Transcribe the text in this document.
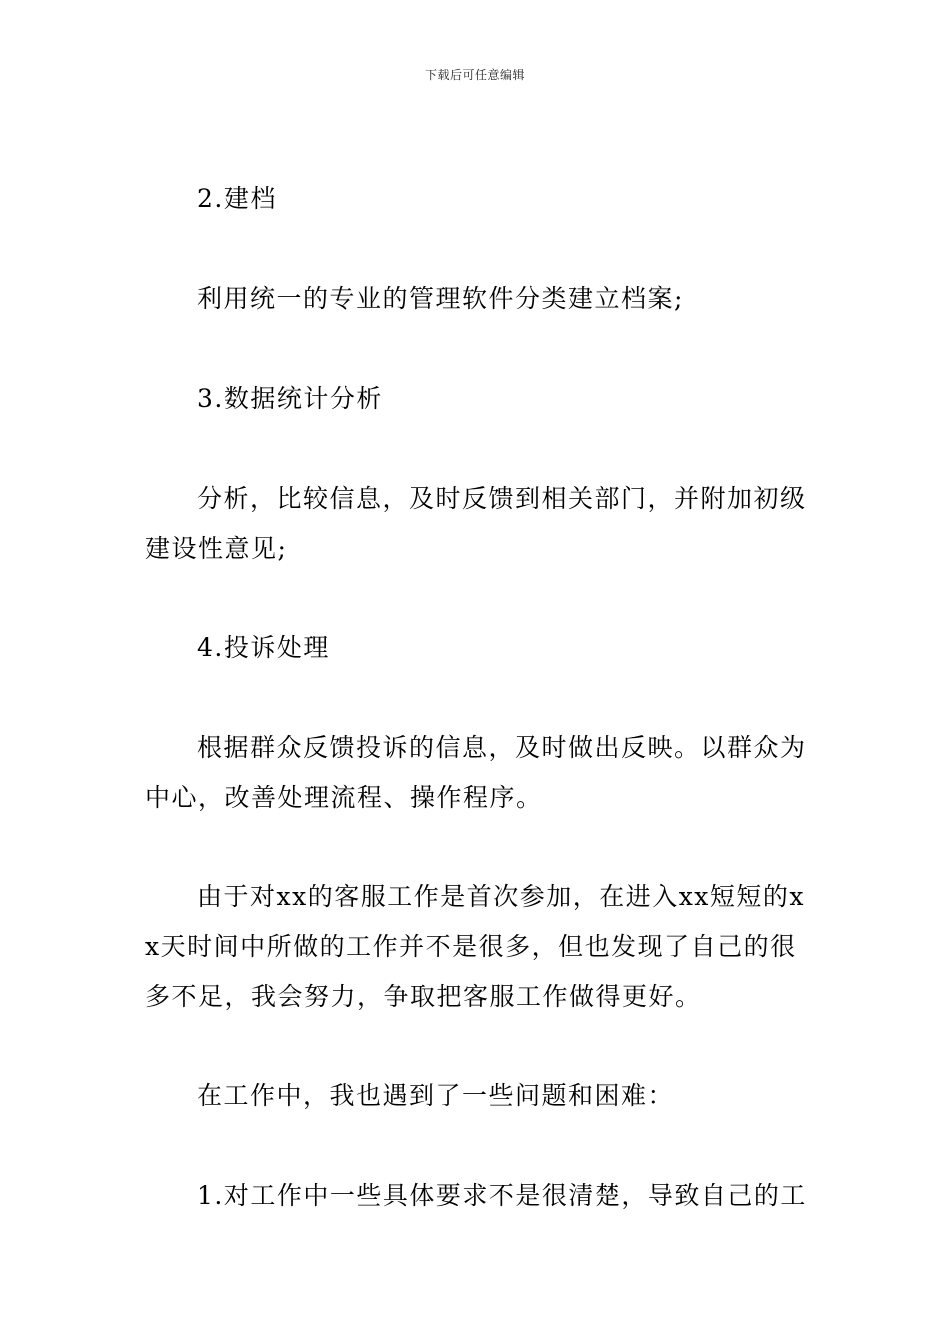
下载后可任意编辑

2.建档

利用统一的专业的管理软件分类建立档案;

3.数据统计分析

分析，比较信息，及时反馈到相关部门，并附加初级建设性意见;

4.投诉处理

根据群众反馈投诉的信息，及时做出反映。以群众为中心，改善处理流程、操作程序。

由于对xx的客服工作是首次参加，在进入xx短短的xx天时间中所做的工作并不是很多，但也发现了自己的很多不足，我会努力，争取把客服工作做得更好。

在工作中，我也遇到了一些问题和困难：

1.对工作中一些具体要求不是很清楚，导致自己的工
